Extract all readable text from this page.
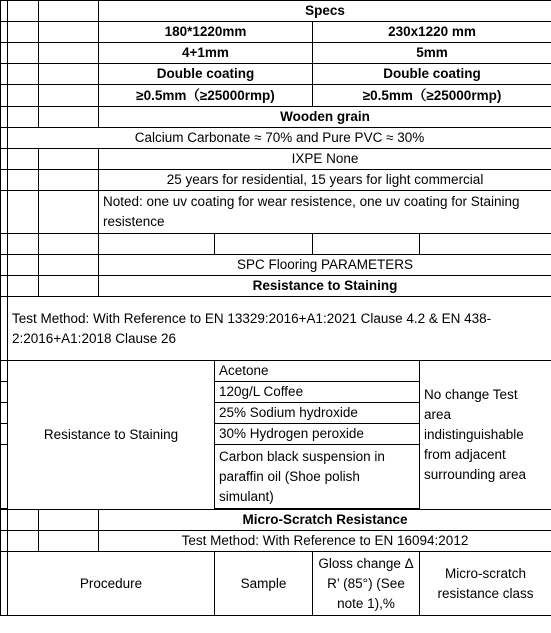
			Specs			
			180*1220mm		230x1220 mm	
			4+1mm		5mm	
			Double coating		Double coating	
			≥0.5mm（≥25000rmp)		≥0.5mm（≥25000rmp)	
			Wooden grain			
	Calcium Carbonate ≈ 70% and Pure PVC ≈ 30%					
			IXPE None			
			25 years for residential, 15 years for light commercial			
			Noted: one uv coating for wear resistence, one uv coating for Staining resistence			

			SPC Flooring PARAMETERS			
			Resistance to Staining			
	Test Method: With Reference to EN 13329:2016+A1:2021 Clause 4.2 & EN 438-2:2016+A1:2018 Clause 26					
	Resistance to Staining			Acetone		No change Test area indistinguishable from adjacent surrounding area
				120g/L Coffee		
				25% Sodium hydroxide		
				30% Hydrogen peroxide		
				Carbon black suspension in paraffin oil (Shoe polish simulant)		

			Micro-Scratch Resistance			
			Test Method: With Reference to EN 16094:2012			
	Procedure			Sample	Gloss change Δ R’ (85°) (See note 1),%	Micro-scratch resistance class
